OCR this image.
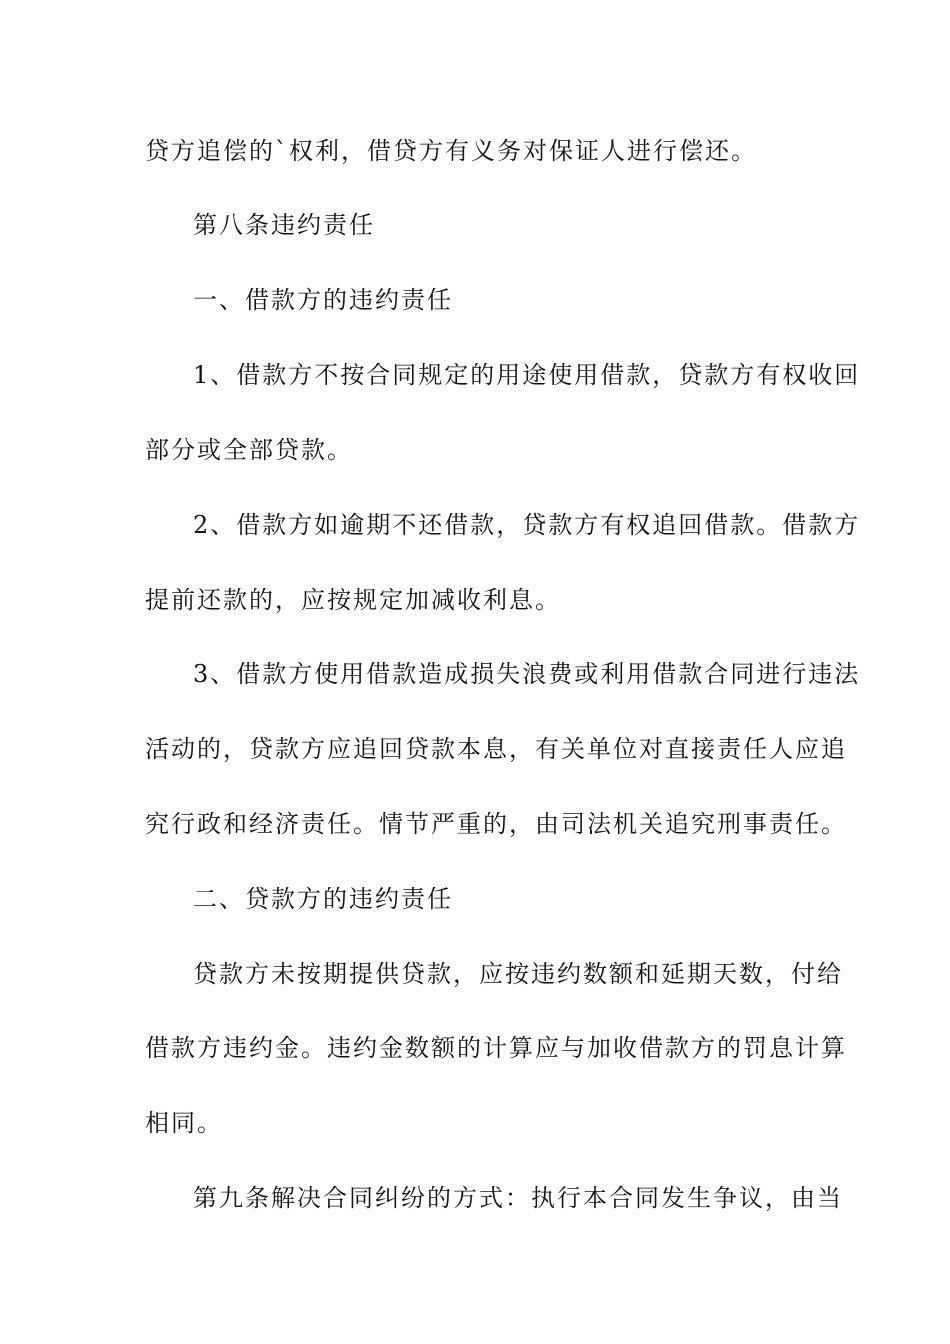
贷方追偿的`权利，借贷方有义务对保证人进行偿还。
第八条违约责任
一、借款方的违约责任
1、借款方不按合同规定的用途使用借款，贷款方有权收回
部分或全部贷款。
2、借款方如逾期不还借款，贷款方有权追回借款。借款方
提前还款的，应按规定加减收利息。
3、借款方使用借款造成损失浪费或利用借款合同进行违法
活动的，贷款方应追回贷款本息，有关单位对直接责任人应追
究行政和经济责任。情节严重的，由司法机关追究刑事责任。
二、贷款方的违约责任
贷款方未按期提供贷款，应按违约数额和延期天数，付给
借款方违约金。违约金数额的计算应与加收借款方的罚息计算
相同。
第九条解决合同纠纷的方式：执行本合同发生争议，由当
